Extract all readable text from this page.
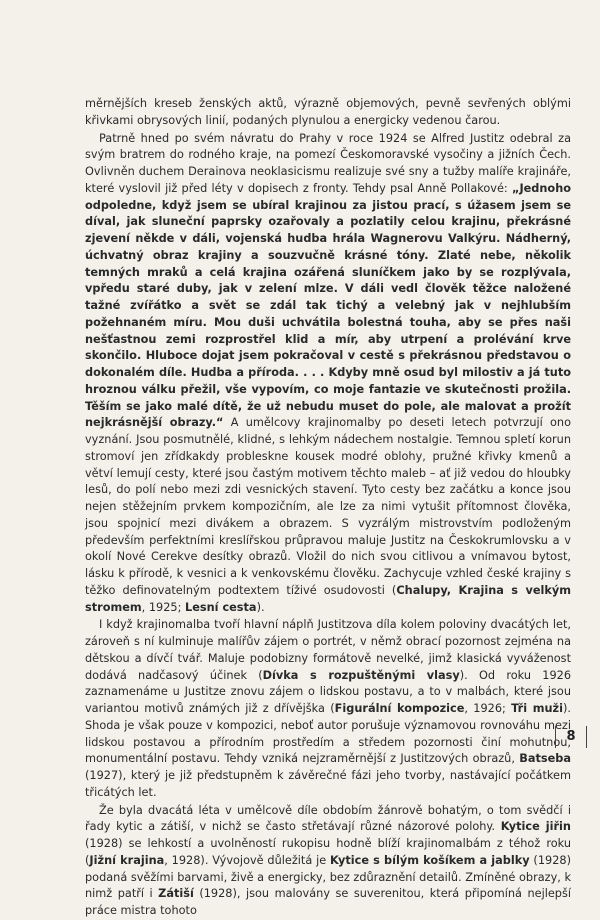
měrnějších kreseb ženských aktů, výrazně objemových, pevně sevřených oblými křivkami obrysových linií, podaných plynulou a energicky vedenou čarou.

Patrně hned po svém návratu do Prahy v roce 1924 se Alfred Justitz odebral za svým bratrem do rodného kraje, na pomezí Českomoravské vysočiny a jižních Čech. Ovlivněn duchem Derainova neoklasicismu realizuje své sny a tužby malíře krajináře, které vyslovil již před léty v dopisech z fronty. Tehdy psal Anně Pollakové: „Jednoho odpoledne, když jsem se ubíral krajinou za jistou prací, s úžasem jsem se díval, jak sluneční paprsky ozařovaly a pozlatily celou krajinu, překrásné zjevení někde v dáli, vojenská hudba hrála Wagnerovu Valkýru. Nádherný, úchvatný obraz krajiny a souzvučně krásné tóny. Zlaté nebe, několik temných mraků a celá krajina ozářená sluníčkem jako by se rozplývala, vpředu staré duby, jak v zelení mlze. V dáli vedl člověk těžce naložené tažné zvířátko a svět se zdál tak tichý a velebný jak v nejhlubším požehnaném míru. Mou duši uchvátila bolestná touha, aby se přes naši nešťastnou zemi rozprostřel klid a mír, aby utrpení a prolévání krve skončilo. Hluboce dojat jsem pokračoval v cestě s překrásnou představou o dokonalém díle. Hudba a příroda. . . . Kdyby mně osud byl milostiv a já tuto hroznou válku přežil, vše vypovím, co moje fantazie ve skutečnosti prožila. Těším se jako malé dítě, že už nebudu muset do pole, ale malovat a prožít nejkrásnější obrazy.“ A umělcovy krajinomalby po deseti letech potvrzují ono vyznání. Jsou posmutnělé, klidné, s lehkým nádechem nostalgie. Temnou spletí korun stromoví jen zřídkakdy probleskne kousek modré oblohy, pružné křivky kmenů a větví lemují cesty, které jsou častým motivem těchto maleb – ať již vedou do hloubky lesů, do polí nebo mezi zdi vesnických stavení. Tyto cesty bez začátku a konce jsou nejen stěžejním prvkem kompozičním, ale lze za nimi vytušit přítomnost člověka, jsou spojnicí mezi divákem a obrazem. S vyzrálým mistrovstvím podloženým především perfektními kreslířskou průpravou maluje Justitz na Českokrumlovsku a v okolí Nové Cerekve desítky obrazů. Vložil do nich svou citlivou a vnímavou bytost, lásku k přírodě, k vesnici a k venkovskému člověku. Zachycuje vzhled české krajiny s těžko definovatelným podtextem tíživé osudovosti (Chalupy, Krajina s velkým stromem, 1925; Lesní cesta).

I když krajinomalba tvoří hlavní náplň Justitzova díla kolem poloviny dvacátých let, zároveň s ní kulminuje malířův zájem o portrét, v němž obrací pozornost zejména na dětskou a dívčí tvář. Maluje podobizny formátově nevelké, jimž klasická vyváženost dodává nadčasový účinek (Dívka s rozpuštěnými vlasy). Od roku 1926 zaznamenáme u Justitze znovu zájem o lidskou postavu, a to v malbách, které jsou variantou motivů známých již z dřívějška (Figurální kompozice, 1926; Tři muži). Shoda je však pouze v kompozici, neboť autor porušuje významovou rovnováhu mezi lidskou postavou a přírodním prostředím a středem pozornosti činí mohutnou, monumentální postavu. Tehdy vzniká nejzraměrnější z Justitzových obrazů, Batseba (1927), který je již předstupněm k závěrečné fázi jeho tvorby, nastávající počátkem třicátých let.

Že byla dvacátá léta v umělcově díle obdobím žánrově bohatým, o tom svědčí i řady kytic a zátiší, v nichž se často střetávají různé názorové polohy. Kytice jiřin (1928) se lehkostí a uvolněností rukopisu hodně blíží krajinomalbám z téhož roku (Jižní krajina, 1928). Vývojově důležitá je Kytice s bílým košíkem a jablky (1928) podaná svěžími barvami, živě a energicky, bez zdůraznění detailů. Zmíněné obrazy, k nimž patří i Zátiší (1928), jsou malovány se suverenitou, která připomíná nejlepší práce mistra tohoto

8
